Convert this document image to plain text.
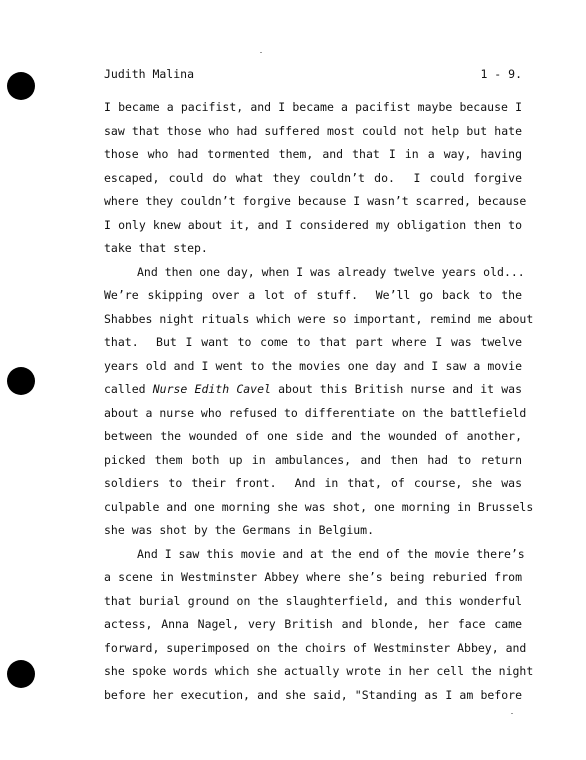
Judith Malina	1 - 9.
I became a pacifist, and I became a pacifist maybe because I
saw that those who had suffered most could not help but hate
those who had tormented them, and that I in a way, having
escaped, could do what they couldn’t do.  I could forgive
where they couldn’t forgive because I wasn’t scarred, because
I only knew about it, and I considered my obligation then to
take that step.
And then one day, when I was already twelve years old...
We’re skipping over a lot of stuff.  We’ll go back to the
Shabbes night rituals which were so important, remind me about
that.  But I want to come to that part where I was twelve
years old and I went to the movies one day and I saw a movie
called Nurse Edith Cavel about this British nurse and it was
about a nurse who refused to differentiate on the battlefield
between the wounded of one side and the wounded of another,
picked them both up in ambulances, and then had to return
soldiers to their front.  And in that, of course, she was
culpable and one morning she was shot, one morning in Brussels
she was shot by the Germans in Belgium.
And I saw this movie and at the end of the movie there’s
a scene in Westminster Abbey where she’s being reburied from
that burial ground on the slaughterfield, and this wonderful
actess, Anna Nagel, very British and blonde, her face came
forward, superimposed on the choirs of Westminster Abbey, and
she spoke words which she actually wrote in her cell the night
before her execution, and she said, "Standing as I am before
